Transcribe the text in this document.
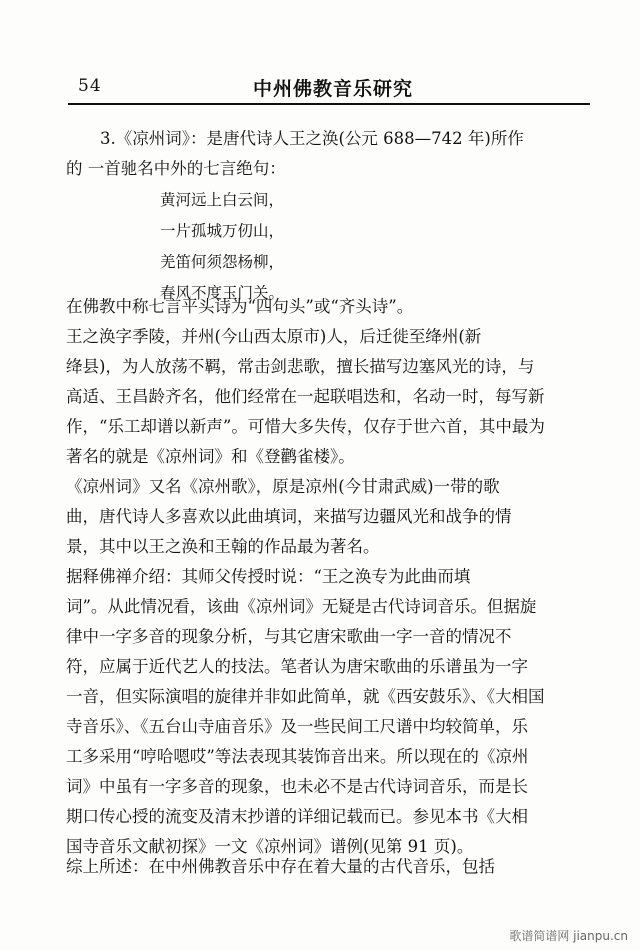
54	中州佛教音乐研究
3.《凉州词》：是唐代诗人王之涣(公元 688—742 年)所作
的 一首驰名中外的七言绝句：
黄河远上白云间，
一片孤城万仞山，
羌笛何须怨杨柳，
春风不度玉门关。
在佛教中称七言平头诗为“四句头”或“齐头诗”。
王之涣字季陵，并州(今山西太原市)人，后迁徙至绛州(新
绛县)，为人放荡不羁，常击剑悲歌，擅长描写边塞风光的诗，与
高适、王昌龄齐名，他们经常在一起联唱迭和，名动一时，每写新
作，“乐工却谱以新声”。可惜大多失传，仅存于世六首，其中最为
著名的就是《凉州词》和《登鹳雀楼》。
《凉州词》又名《凉州歌》，原是凉州(今甘肃武威)一带的歌
曲，唐代诗人多喜欢以此曲填词，来描写边疆风光和战争的情
景，其中以王之涣和王翰的作品最为著名。
据释佛禅介绍：其师父传授时说：“王之涣专为此曲而填
词”。从此情况看，该曲《凉州词》无疑是古代诗词音乐。但据旋
律中一字多音的现象分析，与其它唐宋歌曲一字一音的情况不
符，应属于近代艺人的技法。笔者认为唐宋歌曲的乐谱虽为一字
一音，但实际演唱的旋律并非如此简单，就《西安鼓乐》、《大相国
寺音乐》、《五台山寺庙音乐》及一些民间工尺谱中均较简单，乐
工多采用“哼哈嗯哎”等法表现其装饰音出来。所以现在的《凉州
词》中虽有一字多音的现象，也未必不是古代诗词音乐，而是长
期口传心授的流变及清末抄谱的详细记载而已。参见本书《大相
国寺音乐文献初探》一文《凉州词》谱例(见第 91 页)。
综上所述：在中州佛教音乐中存在着大量的古代音乐，包括
歌谱简谱网 jianpu.cn
